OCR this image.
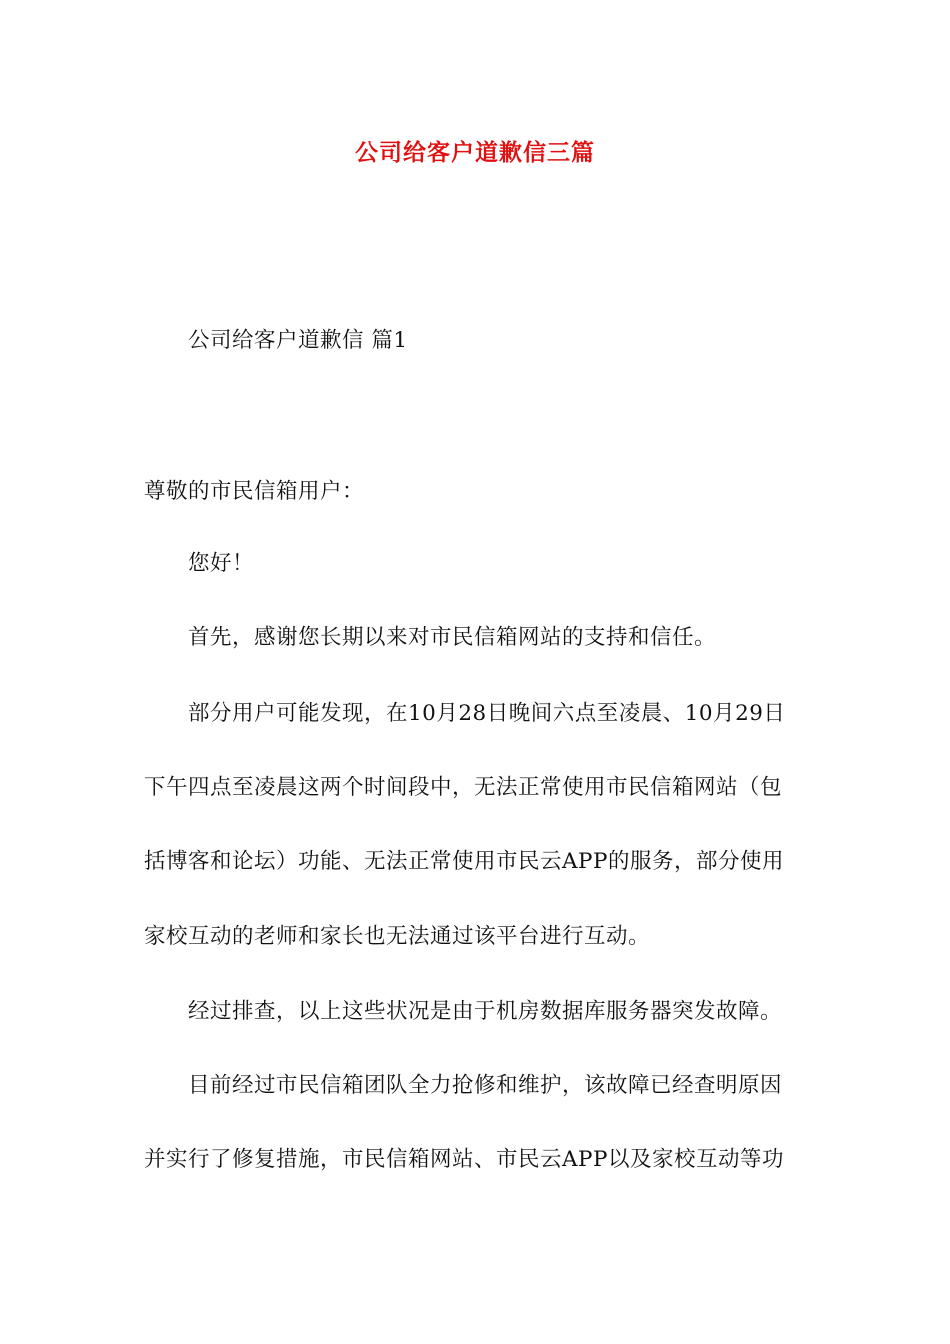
公司给客户道歉信三篇
公司给客户道歉信 篇1
尊敬的市民信箱用户：
您好！
首先，感谢您长期以来对市民信箱网站的支持和信任。
部分用户可能发现，在10月28日晚间六点至凌晨、10月29日
下午四点至凌晨这两个时间段中，无法正常使用市民信箱网站（包
括博客和论坛）功能、无法正常使用市民云APP的服务，部分使用
家校互动的老师和家长也无法通过该平台进行互动。
经过排查，以上这些状况是由于机房数据库服务器突发故障。
目前经过市民信箱团队全力抢修和维护，该故障已经查明原因
并实行了修复措施，市民信箱网站、市民云APP以及家校互动等功
